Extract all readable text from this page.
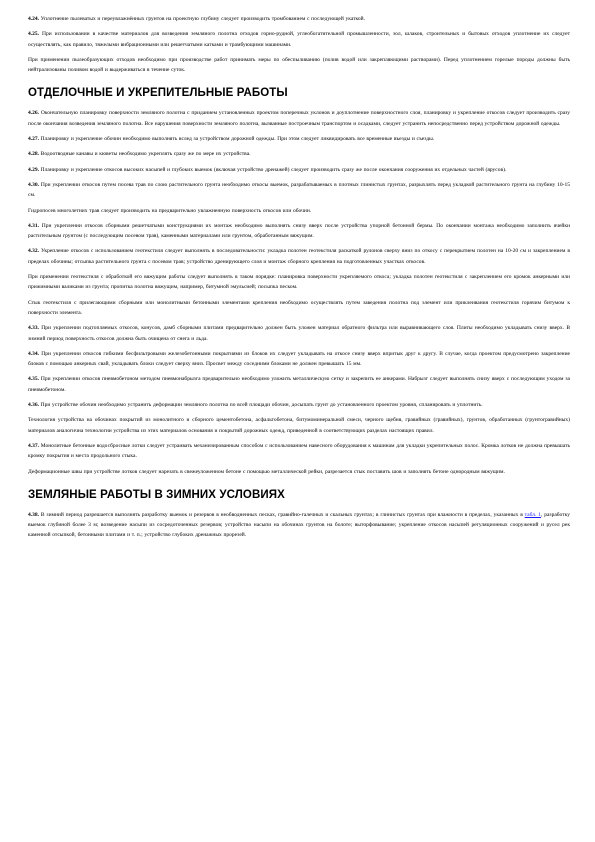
4.24. Уплотнение пылеватых и переувлажнённых грунтов на проектную глубину следует производить тромбованием с последующей укаткой.

4.25. При использовании в качестве материалов для возведения земляного полотна отходов горно-рудной, углеобогатительной промышленности, зол, шлаков, строительных и бытовых отходов уплотнение их следует осуществлять, как правило, тяжелыми вибрационными или решетчатыми катками и трамбующими машинами.

При применении пылеобразующих отходов необходимо при производстве работ принимать меры по обеспыливанию (полив водой или закрепляющими растворами). Перед уплотнением горелые породы должны быть нейтрализованы поливом водой и выдерживаться в течение суток.

ОТДЕЛОЧНЫЕ И УКРЕПИТЕЛЬНЫЕ РАБОТЫ

4.26. Окончательную планировку поверхности земляного полотна с приданием установленных проектом поперечных уклонов и доуплотнение поверхностного слоя, планировку и укрепление откосов следует производить сразу после окончания возведения земляного полотна. Все нарушения поверхности земляного полотна, вызванные построечным транспортом и осадками, следует устранить непосредственно перед устройством дорожной одежды.

4.27. Планировку и укрепление обочин необходимо выполнять вслед за устройством дорожной одежды. При этом следует ликвидировать все временные въезды и съезды.

4.28. Водоотводные канавы и кюветы необходимо укреплять сразу же по мере их устройства.

4.29. Планировку и укрепление откосов высоких насыпей и глубоких выемок (включая устройство дренажей) следует производить сразу же после окончания сооружения их отдельных частей (ярусов).

4.30. При укреплении откосов путем посева трав по слою растительного грунта необходимо откосы выемок, разрабатываемых в плотных глинистых грунтах, разрыхлять перед укладкой растительного грунта на глубину 10-15 см.

Гидропосев многолетних трав следует производить на предварительно увлажненную поверхность откосов или обочин.

4.31. При укреплении откосов сборными решетчатыми конструкциями их монтаж необходимо выполнять снизу вверх после устройства упорной бетонной бермы. По окончании монтажа необходимо заполнить ячейки растительным грунтом (с последующим посевом трав), каменными материалами или грунтом, обработанным вяжущим.

4.32. Укрепление откосов с использованием геотекстиля следует выполнять в последовательности: укладка полотен геотекстиля раскаткой рулонов сверху вниз по откосу с перекрытием полотен на 10-20 см и закреплением в пределах обочины; отсыпка растительного грунта с посевом трав; устройство дренирующего слоя и монтаж сборного крепления на подготовленных участках откосов.

При применении геотекстиля с обработкой его вяжущим работы следует выполнять в таком порядке: планировка поверхности укрепляемого откоса; укладка полотен геотекстиля с закреплением его кромок анкерными или прижимными валиками из грунта; пропитка полотна вяжущим, например, битумной эмульсией; посыпка песком.

Стык геотекстиля с прилегающими сборными или монолитными бетонными элементами крепления необходимо осуществлять путем заведения полотна под элемент или приклеивания геотекстиля горячим битумом к поверхности элемента.

4.33. При укреплении подтопляемых откосов, конусов, дамб сборными плитами предварительно должен быть уложен материал обратного фильтра или выравнивающего слоя. Плиты необходимо укладывать снизу вверх. В зимний период поверхность откосов должна быть очищена от снега и льда.

4.34. При укреплении откосов гибкими бесфильтровыми железобетонными покрытиями из блоков их следует укладывать на откосе снизу вверх впритык друг к другу. В случае, когда проектом предусмотрено закрепление блоков с помощью анкерных свай, укладывать блоки следует сверху вниз. Просвет между соседними блоками не должен превышать 15 мм.

4.35. При укреплении откосов пневмобетоном методом пневмонабрызга предварительно необходимо уложить металлическую сетку и закрепить ее анкерами. Набрызг следует выполнять снизу вверх с последующим уходом за пневмобетоном.

4.36. При устройстве обочин необходимо устранить деформации земляного полотна по всей площади обочин, досыпать грунт до установленного проектом уровня, спланировать и уплотнить.

Технология устройства на обочинах покрытий из монолитного и сборного цементобетона, асфальтобетона, битумоминеральной смеси, черного щебня, гравийных (гравийных), грунтов, обработанных (грунтогравийных) материалов аналогична технологии устройства из этих материалов основания и покрытий дорожных одежд, приведенной в соответствующих разделах настоящих правил.

4.37. Монолитные бетонные водосбросные лотки следует устраивать механизированным способом с использованием навесного оборудования к машинам для укладки укрепительных полос. Кромка лотков не должна превышать кромку покрытия и места продольного стыка.

Деформационные швы при устройстве лотков следует нарезать в свежеуложенном бетоне с помощью металлической рейки, разрезается стык поставить шов и заполнять бетоне однородным вяжущим.

ЗЕМЛЯНЫЕ РАБОТЫ В ЗИМНИХ УСЛОВИЯХ

4.38. В зимний период разрешается выполнять разработку выемок и резервов в необводненных песках, гравийно-галечных и скальных грунтах; в глинистых грунтах при влажности в пределах, указанных в табл. 1, разработку выемок глубиной более 3 м; возведение насыпи из сосредоточенных резервов; устройство насыпи на обочинах грунтов на болоте; выторфовывание; укрепление откосов насыпей регуляционных сооружений и русел рек каменной отсыпкой, бетонными плитами и т. п.; устройство глубоких дренажных прорезей.
